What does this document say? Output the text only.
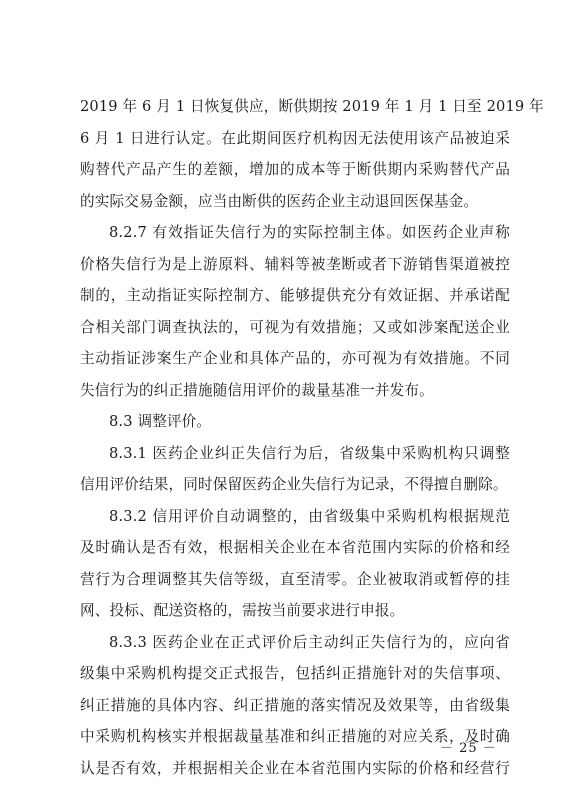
2019 年 6 月 1 日恢复供应，断供期按 2019 年 1 月 1 日至 2019 年
6 月 1 日进行认定。在此期间医疗机构因无法使用该产品被迫采
购替代产品产生的差额，增加的成本等于断供期内采购替代产品
的实际交易金额，应当由断供的医药企业主动退回医保基金。
8.2.7 有效指证失信行为的实际控制主体。如医药企业声称
价格失信行为是上游原料、辅料等被垄断或者下游销售渠道被控
制的，主动指证实际控制方、能够提供充分有效证据、并承诺配
合相关部门调查执法的，可视为有效措施；又或如涉案配送企业
主动指证涉案生产企业和具体产品的，亦可视为有效措施。不同
失信行为的纠正措施随信用评价的裁量基准一并发布。
8.3 调整评价。
8.3.1 医药企业纠正失信行为后，省级集中采购机构只调整
信用评价结果，同时保留医药企业失信行为记录，不得擅自删除。
8.3.2 信用评价自动调整的，由省级集中采购机构根据规范
及时确认是否有效，根据相关企业在本省范围内实际的价格和经
营行为合理调整其失信等级，直至清零。企业被取消或暂停的挂
网、投标、配送资格的，需按当前要求进行申报。
8.3.3 医药企业在正式评价后主动纠正失信行为的，应向省
级集中采购机构提交正式报告，包括纠正措施针对的失信事项、
纠正措施的具体内容、纠正措施的落实情况及效果等，由省级集
中采购机构核实并根据裁量基准和纠正措施的对应关系，及时确
认是否有效，并根据相关企业在本省范围内实际的价格和经营行
－ 25 －
